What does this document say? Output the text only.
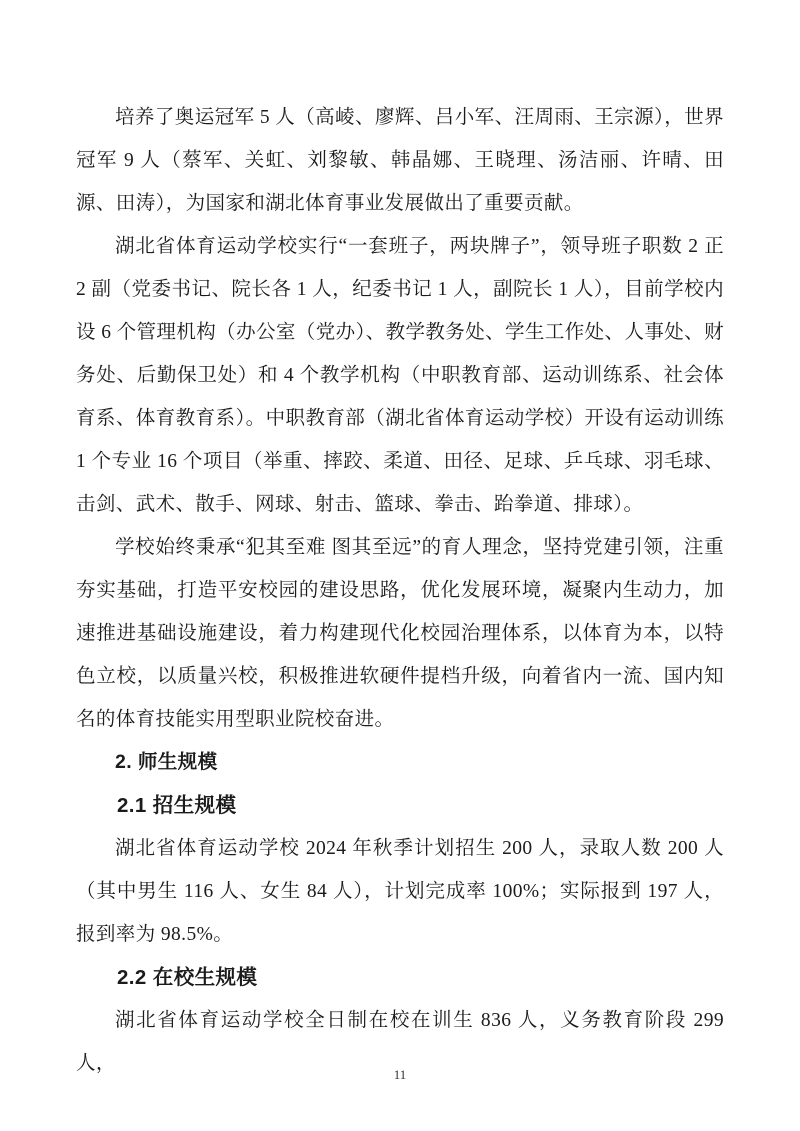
培养了奥运冠军 5 人（高崚、廖辉、吕小军、汪周雨、王宗源），世界冠军 9 人（蔡军、关虹、刘黎敏、韩晶娜、王晓理、汤洁丽、许晴、田源、田涛），为国家和湖北体育事业发展做出了重要贡献。

湖北省体育运动学校实行“一套班子，两块牌子”，领导班子职数 2 正 2 副（党委书记、院长各 1 人，纪委书记 1 人，副院长 1 人），目前学校内设 6 个管理机构（办公室（党办）、教学教务处、学生工作处、人事处、财务处、后勤保卫处）和 4 个教学机构（中职教育部、运动训练系、社会体育系、体育教育系）。中职教育部（湖北省体育运动学校）开设有运动训练 1 个专业 16 个项目（举重、摔跤、柔道、田径、足球、乒乓球、羽毛球、击剑、武术、散手、网球、射击、篮球、拳击、跆拳道、排球）。

学校始终秉承“犯其至难 图其至远”的育人理念，坚持党建引领，注重夯实基础，打造平安校园的建设思路，优化发展环境，凝聚内生动力，加速推进基础设施建设，着力构建现代化校园治理体系，以体育为本，以特色立校，以质量兴校，积极推进软硬件提档升级，向着省内一流、国内知名的体育技能实用型职业院校奋进。

2. 师生规模

2.1 招生规模

湖北省体育运动学校 2024 年秋季计划招生 200 人，录取人数 200 人（其中男生 116 人、女生 84 人），计划完成率 100%；实际报到 197 人，报到率为 98.5%。

2.2 在校生规模

湖北省体育运动学校全日制在校在训生 836 人，义务教育阶段 299 人，

11
